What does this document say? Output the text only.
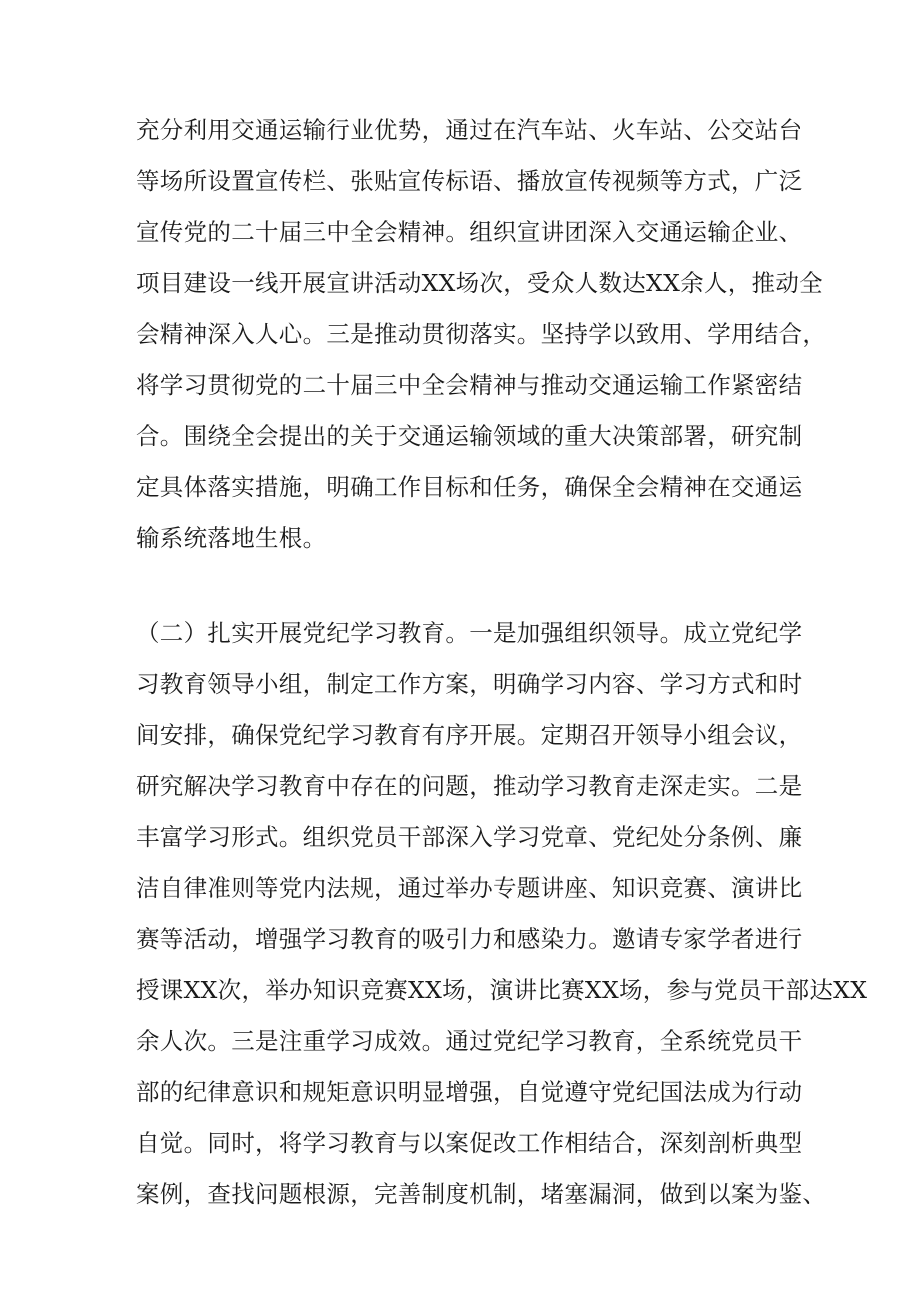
充分利用交通运输行业优势，通过在汽车站、火车站、公交站台
等场所设置宣传栏、张贴宣传标语、播放宣传视频等方式，广泛
宣传党的二十届三中全会精神。组织宣讲团深入交通运输企业、
项目建设一线开展宣讲活动XX场次，受众人数达XX余人，推动全
会精神深入人心。三是推动贯彻落实。坚持学以致用、学用结合，
将学习贯彻党的二十届三中全会精神与推动交通运输工作紧密结
合。围绕全会提出的关于交通运输领域的重大决策部署，研究制
定具体落实措施，明确工作目标和任务，确保全会精神在交通运
输系统落地生根。
（二）扎实开展党纪学习教育。一是加强组织领导。成立党纪学
习教育领导小组，制定工作方案，明确学习内容、学习方式和时
间安排，确保党纪学习教育有序开展。定期召开领导小组会议，
研究解决学习教育中存在的问题，推动学习教育走深走实。二是
丰富学习形式。组织党员干部深入学习党章、党纪处分条例、廉
洁自律准则等党内法规，通过举办专题讲座、知识竞赛、演讲比
赛等活动，增强学习教育的吸引力和感染力。邀请专家学者进行
授课XX次，举办知识竞赛XX场，演讲比赛XX场，参与党员干部达XX
余人次。三是注重学习成效。通过党纪学习教育，全系统党员干
部的纪律意识和规矩意识明显增强，自觉遵守党纪国法成为行动
自觉。同时，将学习教育与以案促改工作相结合，深刻剖析典型
案例，查找问题根源，完善制度机制，堵塞漏洞，做到以案为鉴、
